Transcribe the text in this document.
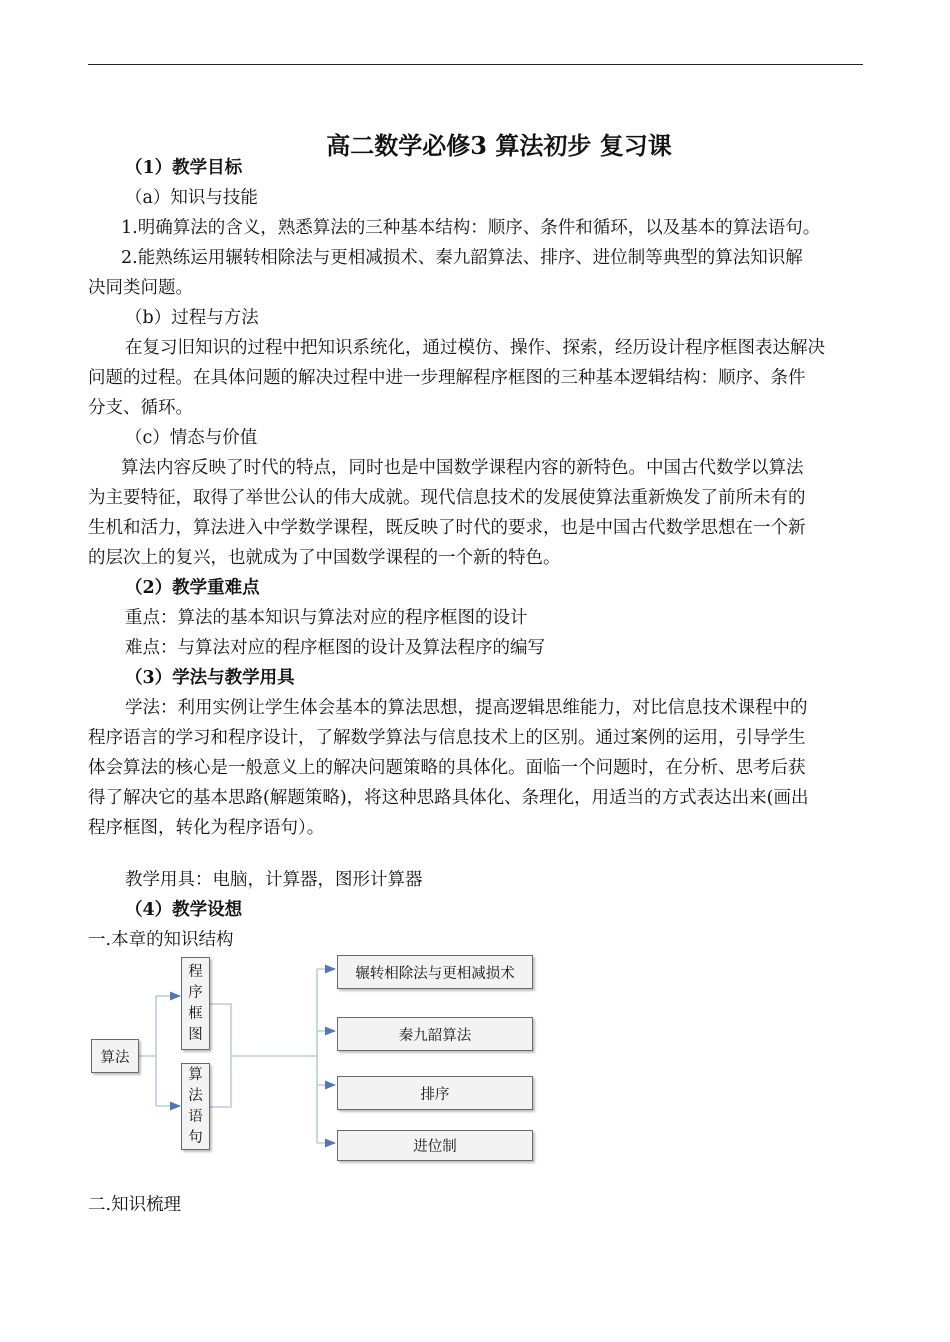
高二数学必修3 算法初步 复习课
（1）教学目标
（a）知识与技能
1.明确算法的含义，熟悉算法的三种基本结构：顺序、条件和循环，以及基本的算法语句。
2.能熟练运用辗转相除法与更相减损术、秦九韶算法、排序、进位制等典型的算法知识解
决同类问题。
（b）过程与方法
在复习旧知识的过程中把知识系统化，通过模仿、操作、探索，经历设计程序框图表达解决
问题的过程。在具体问题的解决过程中进一步理解程序框图的三种基本逻辑结构：顺序、条件
分支、循环。
（c）情态与价值
算法内容反映了时代的特点，同时也是中国数学课程内容的新特色。中国古代数学以算法
为主要特征，取得了举世公认的伟大成就。现代信息技术的发展使算法重新焕发了前所未有的
生机和活力，算法进入中学数学课程，既反映了时代的要求，也是中国古代数学思想在一个新
的层次上的复兴，也就成为了中国数学课程的一个新的特色。
（2）教学重难点
重点：算法的基本知识与算法对应的程序框图的设计
难点：与算法对应的程序框图的设计及算法程序的编写
（3）学法与教学用具
学法：利用实例让学生体会基本的算法思想，提高逻辑思维能力，对比信息技术课程中的
程序语言的学习和程序设计，了解数学算法与信息技术上的区别。通过案例的运用，引导学生
体会算法的核心是一般意义上的解决问题策略的具体化。面临一个问题时，在分析、思考后获
得了解决它的基本思路(解题策略)，将这种思路具体化、条理化，用适当的方式表达出来(画出
程序框图，转化为程序语句）。
教学用具：电脑，计算器，图形计算器
（4）教学设想
一.本章的知识结构
算法
程
序
框
图
算
法
语
句
辗转相除法与更相减损术
秦九韶算法
排序
进位制
二.知识梳理
